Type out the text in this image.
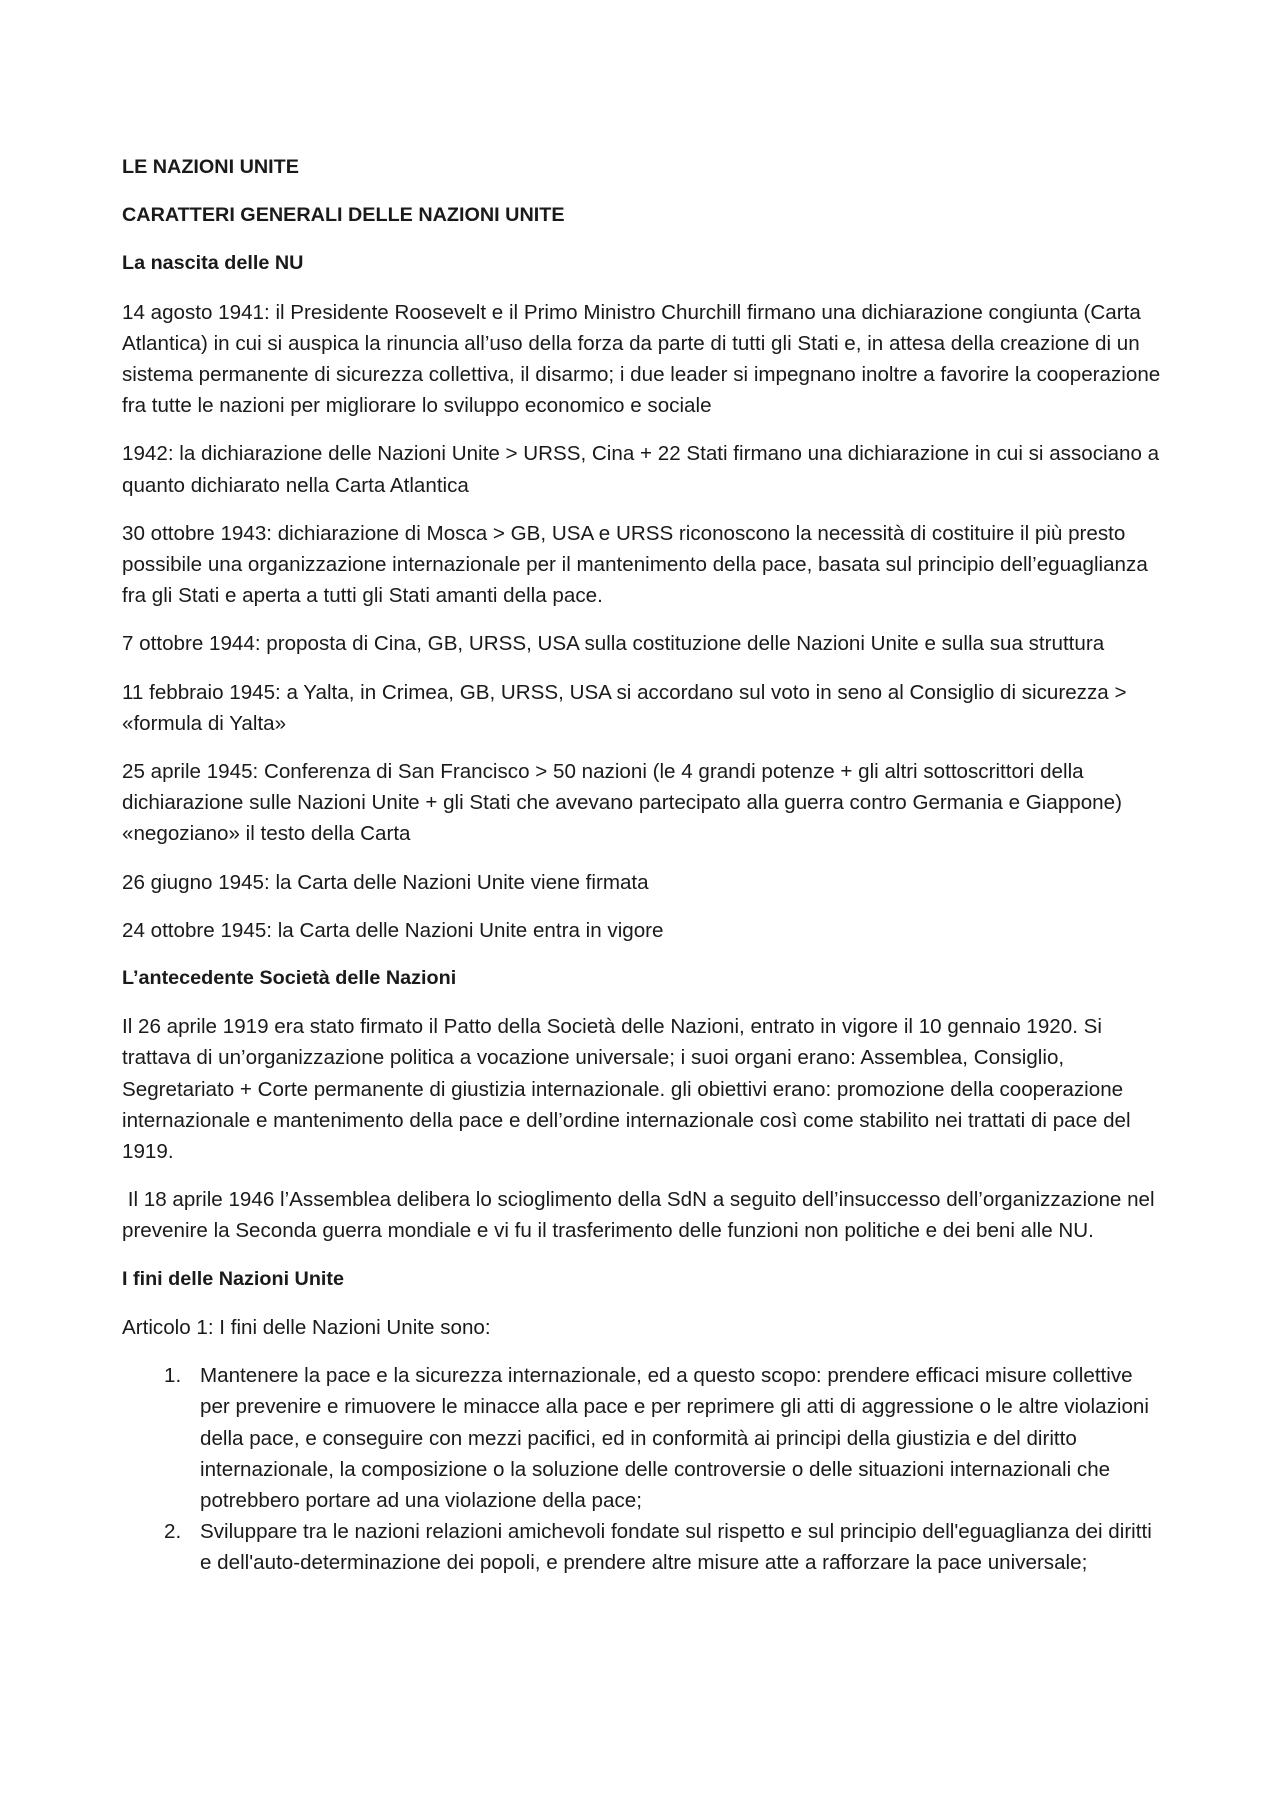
LE NAZIONI UNITE
CARATTERI GENERALI DELLE NAZIONI UNITE
La nascita delle NU

14 agosto 1941: il Presidente Roosevelt e il Primo Ministro Churchill firmano una dichiarazione congiunta (Carta Atlantica) in cui si auspica la rinuncia all’uso della forza da parte di tutti gli Stati e, in attesa della creazione di un sistema permanente di sicurezza collettiva, il disarmo; i due leader si impegnano inoltre a favorire la cooperazione fra tutte le nazioni per migliorare lo sviluppo economico e sociale

1942: la dichiarazione delle Nazioni Unite > URSS, Cina + 22 Stati firmano una dichiarazione in cui si associano a quanto dichiarato nella Carta Atlantica

30 ottobre 1943: dichiarazione di Mosca > GB, USA e URSS riconoscono la necessità di costituire il più presto possibile una organizzazione internazionale per il mantenimento della pace, basata sul principio dell’eguaglianza fra gli Stati e aperta a tutti gli Stati amanti della pace.

7 ottobre 1944: proposta di Cina, GB, URSS, USA sulla costituzione delle Nazioni Unite e sulla sua struttura

11 febbraio 1945: a Yalta, in Crimea, GB, URSS, USA si accordano sul voto in seno al Consiglio di sicurezza > «formula di Yalta»

25 aprile 1945: Conferenza di San Francisco > 50 nazioni (le 4 grandi potenze + gli altri sottoscrittori della dichiarazione sulle Nazioni Unite + gli Stati che avevano partecipato alla guerra contro Germania e Giappone) «negoziano» il testo della Carta

26 giugno 1945: la Carta delle Nazioni Unite viene firmata

24 ottobre 1945: la Carta delle Nazioni Unite entra in vigore

L’antecedente Società delle Nazioni

Il 26 aprile 1919 era stato firmato il Patto della Società delle Nazioni, entrato in vigore il 10 gennaio 1920. Si trattava di un’organizzazione politica a vocazione universale; i suoi organi erano: Assemblea, Consiglio, Segretariato + Corte permanente di giustizia internazionale. gli obiettivi erano: promozione della cooperazione internazionale e mantenimento della pace e dell’ordine internazionale così come stabilito nei trattati di pace del 1919.

Il 18 aprile 1946 l’Assemblea delibera lo scioglimento della SdN a seguito dell’insuccesso dell’organizzazione nel prevenire la Seconda guerra mondiale e vi fu il trasferimento delle funzioni non politiche e dei beni alle NU.

I fini delle Nazioni Unite

Articolo 1: I fini delle Nazioni Unite sono:

1. Mantenere la pace e la sicurezza internazionale, ed a questo scopo: prendere efficaci misure collettive per prevenire e rimuovere le minacce alla pace e per reprimere gli atti di aggressione o le altre violazioni della pace, e conseguire con mezzi pacifici, ed in conformità ai principi della giustizia e del diritto internazionale, la composizione o la soluzione delle controversie o delle situazioni internazionali che potrebbero portare ad una violazione della pace;
2. Sviluppare tra le nazioni relazioni amichevoli fondate sul rispetto e sul principio dell'eguaglianza dei diritti e dell'auto-determinazione dei popoli, e prendere altre misure atte a rafforzare la pace universale;
